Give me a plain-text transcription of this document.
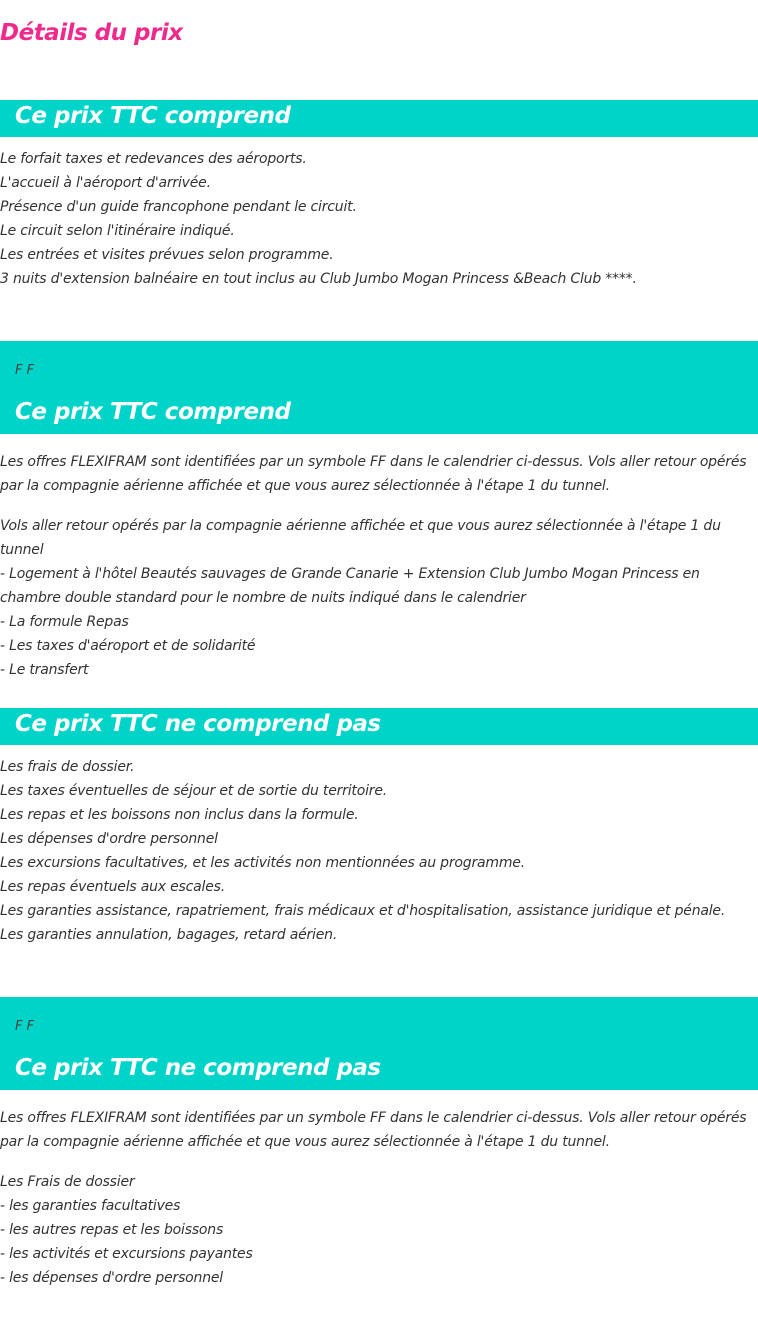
Détails du prix
Ce prix TTC comprend
Le forfait taxes et redevances des aéroports.
L'accueil à l'aéroport d'arrivée.
Présence d'un guide francophone pendant le circuit.
Le circuit selon l'itinéraire indiqué.
Les entrées et visites prévues selon programme.
3 nuits d'extension balnéaire en tout inclus au Club Jumbo Mogan Princess &Beach Club ****.
F F
Ce prix TTC comprend

Les offres FLEXIFRAM sont identifiées par un symbole FF dans le calendrier ci-dessus. Vols aller retour opérés par la compagnie aérienne affichée et que vous aurez sélectionnée à l'étape 1 du tunnel.

Vols aller retour opérés par la compagnie aérienne affichée et que vous aurez sélectionnée à l'étape 1 du tunnel
- Logement à l'hôtel Beautés sauvages de Grande Canarie + Extension Club Jumbo Mogan Princess en chambre double standard pour le nombre de nuits indiqué dans le calendrier
- La formule Repas
- Les taxes d'aéroport et de solidarité
- Le transfert

Ce prix TTC ne comprend pas
Les frais de dossier.
Les taxes éventuelles de séjour et de sortie du territoire.
Les repas et les boissons non inclus dans la formule.
Les dépenses d'ordre personnel
Les excursions facultatives, et les activités non mentionnées au programme.
Les repas éventuels aux escales.
Les garanties assistance, rapatriement, frais médicaux et d'hospitalisation, assistance juridique et pénale.
Les garanties annulation, bagages, retard aérien.
F F
Ce prix TTC ne comprend pas

Les offres FLEXIFRAM sont identifiées par un symbole FF dans le calendrier ci-dessus. Vols aller retour opérés par la compagnie aérienne affichée et que vous aurez sélectionnée à l'étape 1 du tunnel.

Les Frais de dossier
- les garanties facultatives
- les autres repas et les boissons
- les activités et excursions payantes
- les dépenses d'ordre personnel
